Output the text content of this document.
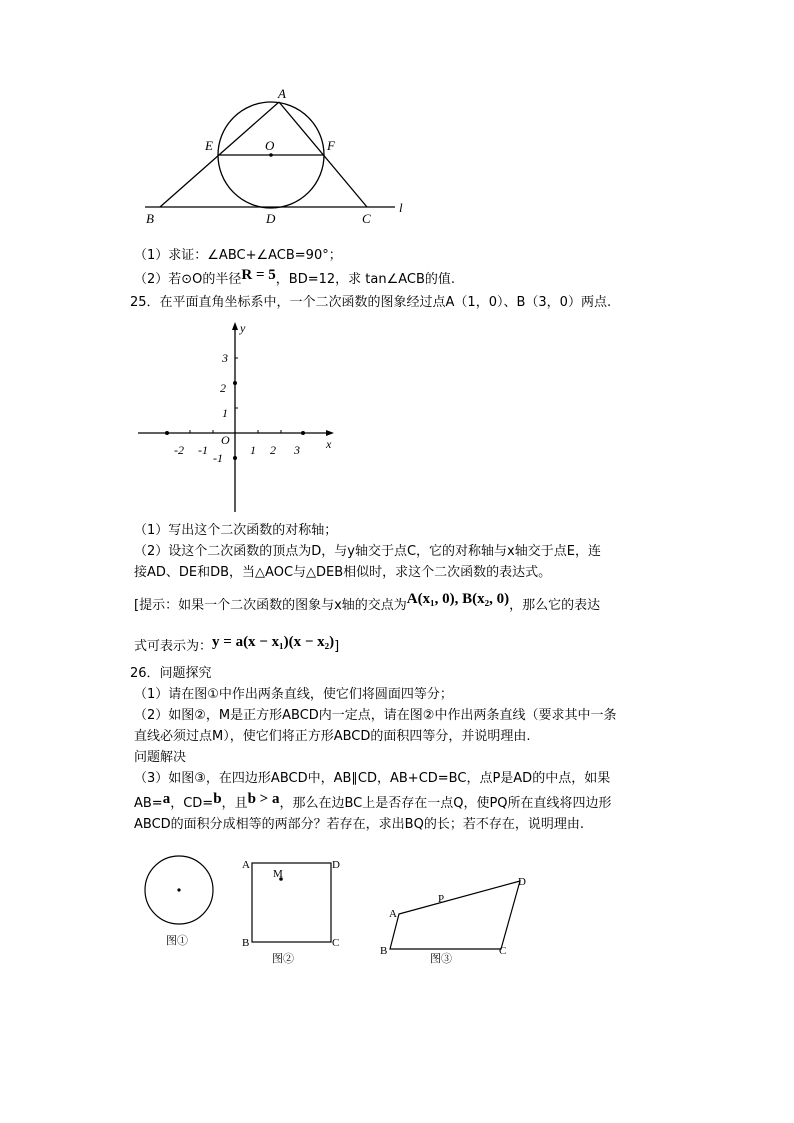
A
E	O	F
B	D	C
l
（1）求证：∠ABC+∠ACB=90°；
（2）若⊙O的半径R = 5，BD=12，求 tan∠ACB的值.
25．在平面直角坐标系中，一个二次函数的图象经过点A（1，0）、B（3，0）两点.
y
x
O
-2 -1	1 2 3
-1
3
2
1
（1）写出这个二次函数的对称轴；
（2）设这个二次函数的顶点为D，与y轴交于点C，它的对称轴与x轴交于点E，连
接AD、DE和DB，当△AOC与△DEB相似时，求这个二次函数的表达式。
[提示：如果一个二次函数的图象与x轴的交点为A(x₁, 0), B(x₂, 0)，那么它的表达
式可表示为：y = a(x − x₁)(x − x₂)]
26．问题探究
（1）请在图①中作出两条直线，使它们将圆面四等分；
（2）如图②，M是正方形ABCD内一定点，请在图②中作出两条直线（要求其中一条
直线必须过点M），使它们将正方形ABCD的面积四等分，并说明理由.
问题解决
（3）如图③，在四边形ABCD中，AB∥CD，AB+CD=BC，点P是AD的中点，如果
AB=a，CD=b，且b > a，那么在边BC上是否存在一点Q，使PQ所在直线将四边形
ABCD的面积分成相等的两部分？若存在，求出BQ的长；若不存在，说明理由.
图①
A	D
B	C
M
图②
A
P
D
B	C
图③
